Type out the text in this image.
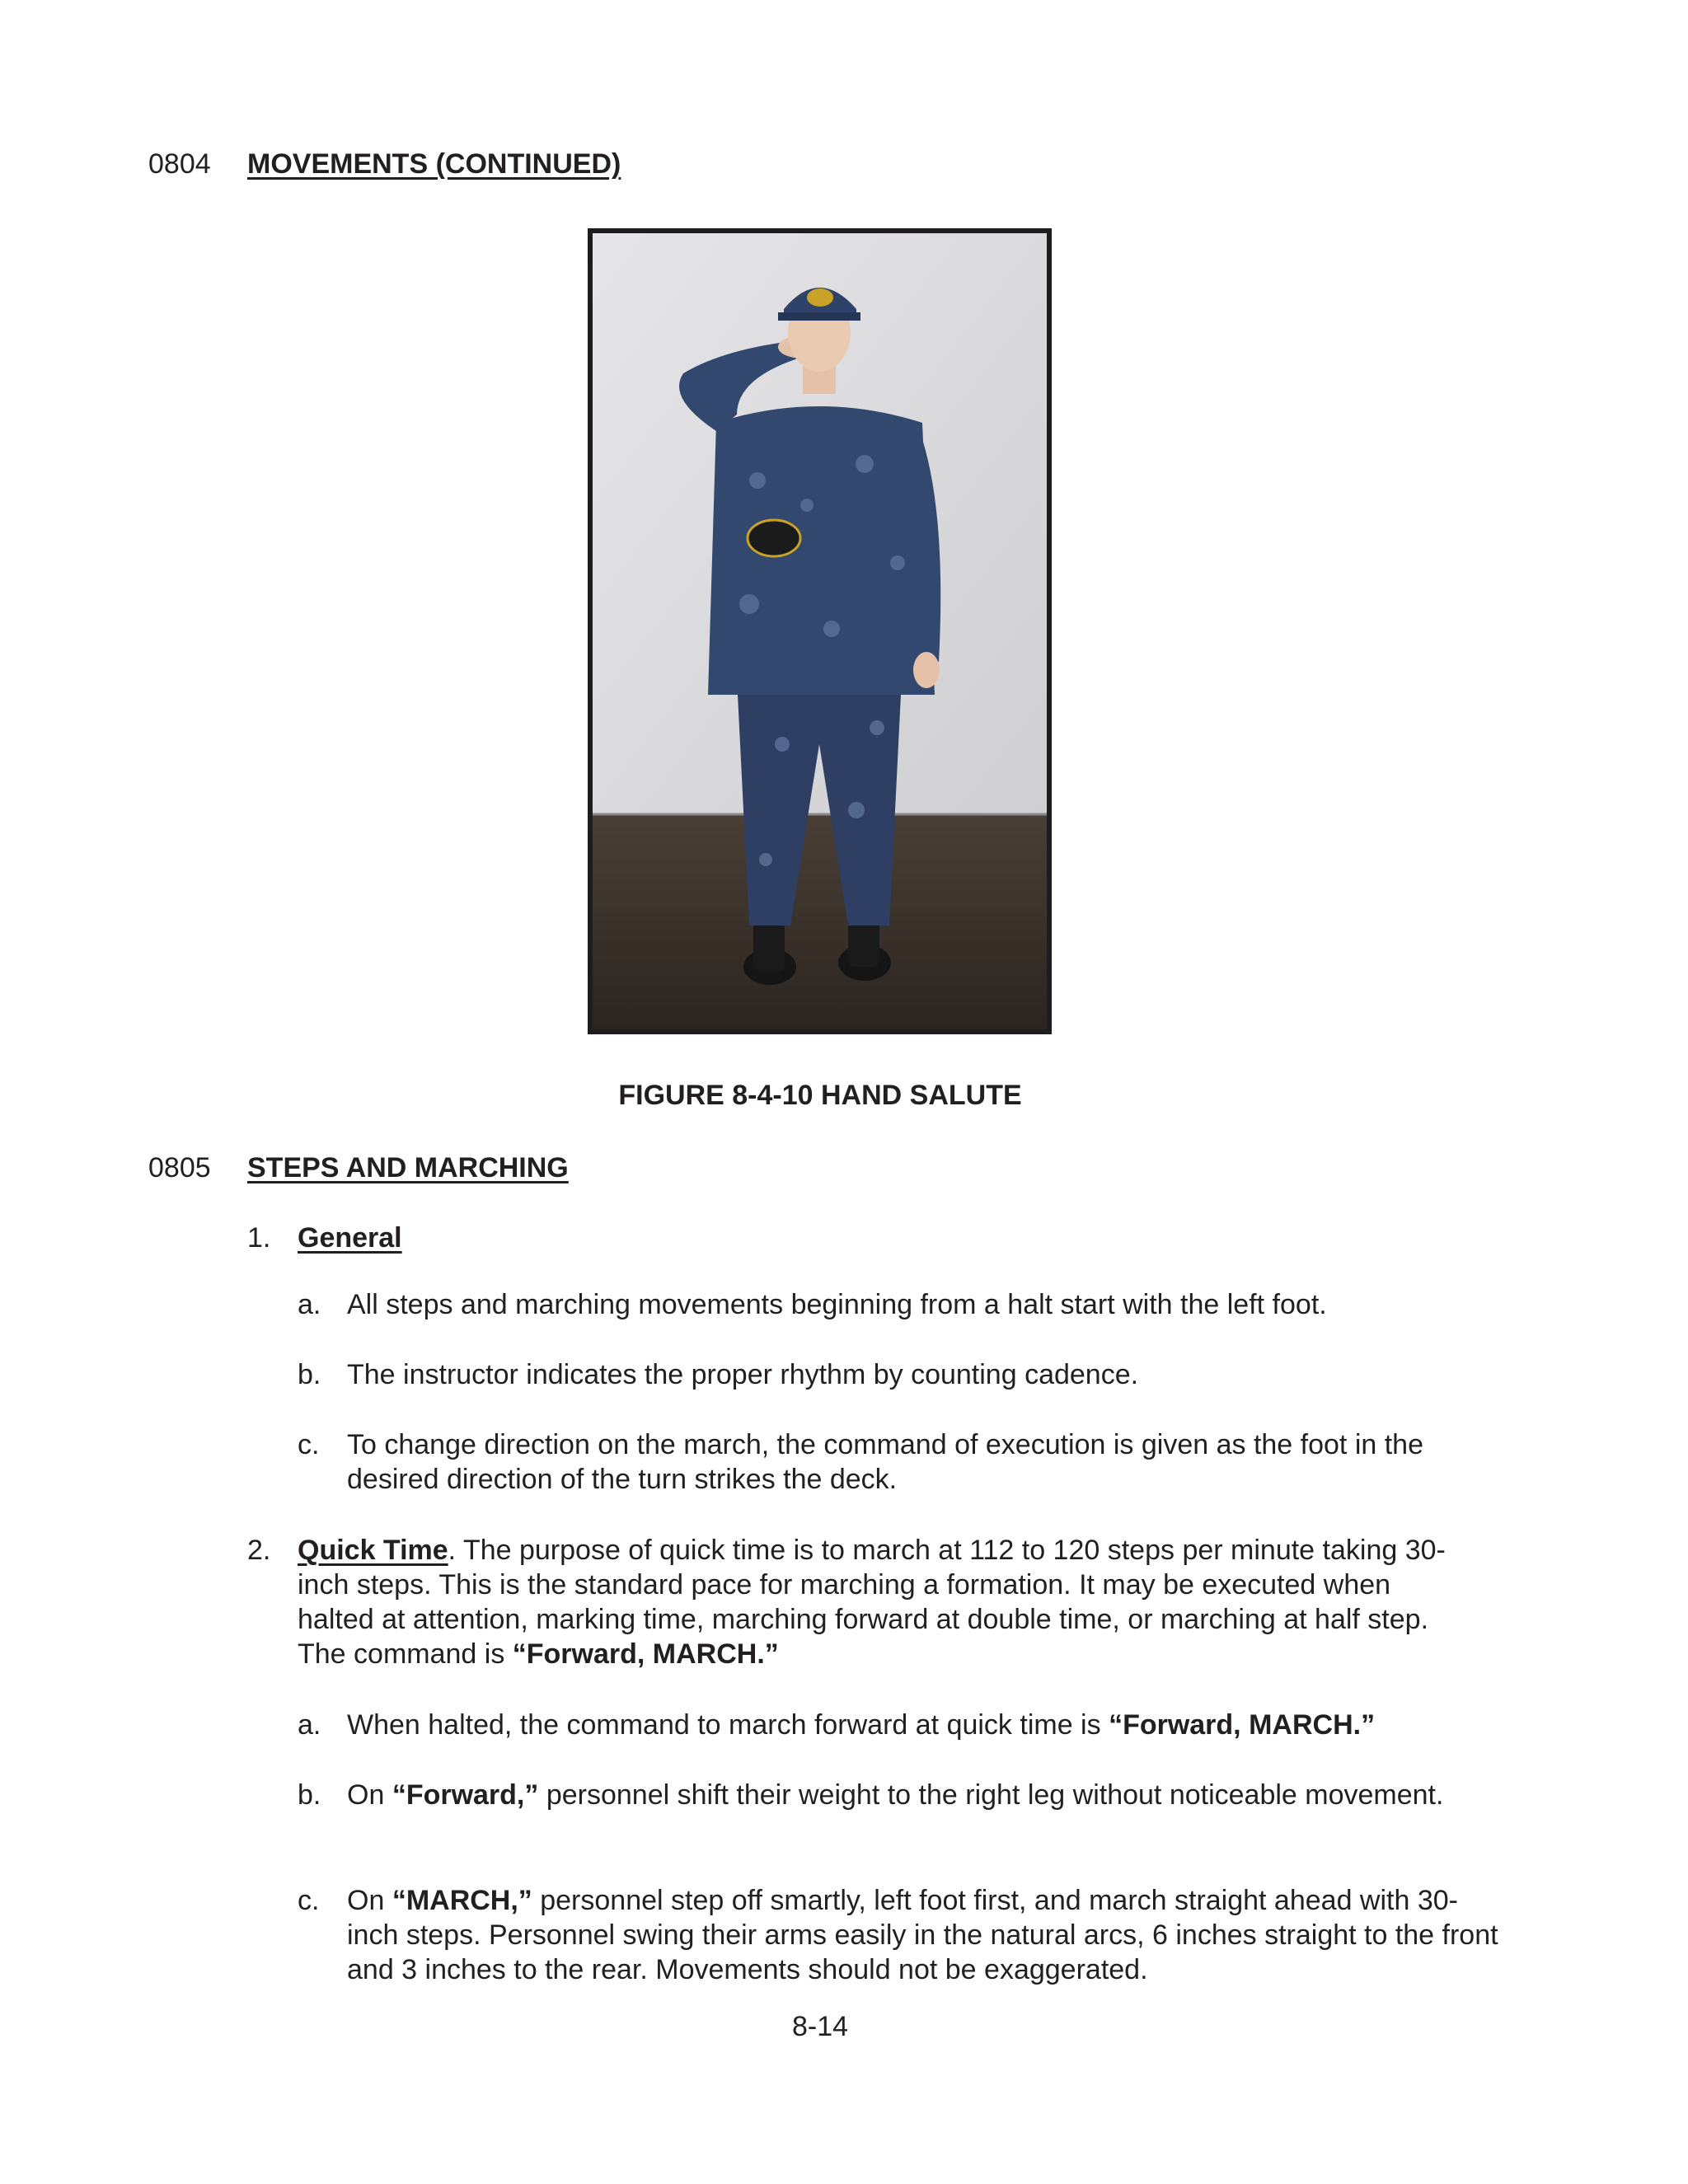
0804 MOVEMENTS (CONTINUED)
FIGURE 8-4-10 HAND SALUTE
0805 STEPS AND MARCHING
1. General
a. All steps and marching movements beginning from a halt start with the left foot.
b. The instructor indicates the proper rhythm by counting cadence.
c. To change direction on the march, the command of execution is given as the foot in the desired direction of the turn strikes the deck.
2. Quick Time. The purpose of quick time is to march at 112 to 120 steps per minute taking 30-inch steps. This is the standard pace for marching a formation. It may be executed when halted at attention, marking time, marching forward at double time, or marching at half step. The command is “Forward, MARCH.”
a. When halted, the command to march forward at quick time is “Forward, MARCH.”
b. On “Forward,” personnel shift their weight to the right leg without noticeable movement.
c. On “MARCH,” personnel step off smartly, left foot first, and march straight ahead with 30-inch steps. Personnel swing their arms easily in the natural arcs, 6 inches straight to the front and 3 inches to the rear. Movements should not be exaggerated.
8-14
